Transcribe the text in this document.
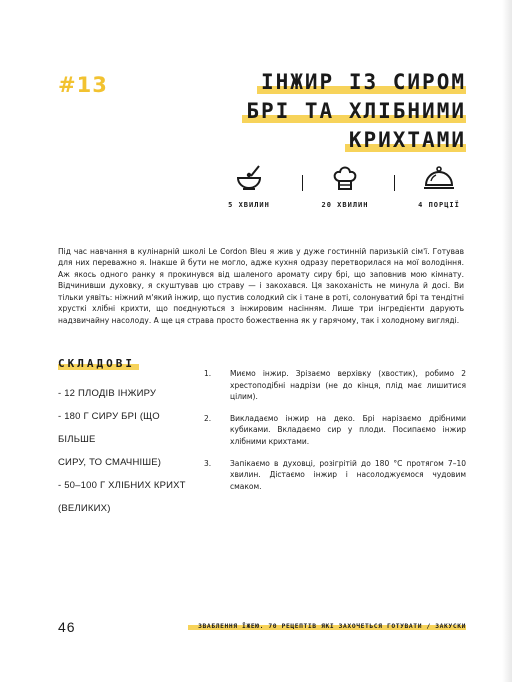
#13	ІНЖИР ІЗ СИРОМ
БРІ ТА ХЛІБНИМИ
КРИХТАМИ
5 ХВИЛИН	20 ХВИЛИН	4 ПОРЦІЇ

Під час навчання в кулінарній школі Le Cordon Bleu я жив у дуже гостинній паризькій сім'ї. Готував для них переважно я. Інакше й бути не могло, адже кухня одразу перетворилася на мої володіння. Аж якось одного ранку я прокинувся від шаленого аромату сиру брі, що заповнив мою кімнату. Відчинивши духовку, я скуштував цю страву — і закохався. Ця закоханість не минула й досі. Ви тільки уявіть: ніжний м'який інжир, що пустив солодкий сік і тане в роті, солонуватий брі та тендітні хрусткі хлібні крихти, що поєднуються з інжировим насінням. Лише три інгредієнти дарують надзвичайну насолоду. А ще ця страва просто божественна як у гарячому, так і холодному вигляді.

СКЛАДОВІ
- 12 ПЛОДІВ ІНЖИРУ
- 180 Г СИРУ БРІ (ЩО БІЛЬШЕ
СИРУ, ТО СМАЧНІШЕ)
- 50–100 Г ХЛІБНИХ КРИХТ
(ВЕЛИКИХ)
1.	Миємо інжир. Зрізаємо верхівку (хвостик), робимо 2 хрестоподібні надрізи (не до кінця, плід має лишитися цілим).
2.	Викладаємо інжир на деко. Брі нарізаємо дрібними кубиками. Вкладаємо сир у плоди. Посипаємо інжир хлібними крихтами.
3.	Запікаємо в духовці, розігрітій до 180 °С протягом 7–10 хвилин. Дістаємо інжир і насолоджуємося чудовим смаком.
46	ЗВАБЛЕННЯ ЇЖЕЮ. 70 РЕЦЕПТІВ ЯКІ ЗАХОЧЕТЬСЯ ГОТУВАТИ / ЗАКУСКИ
